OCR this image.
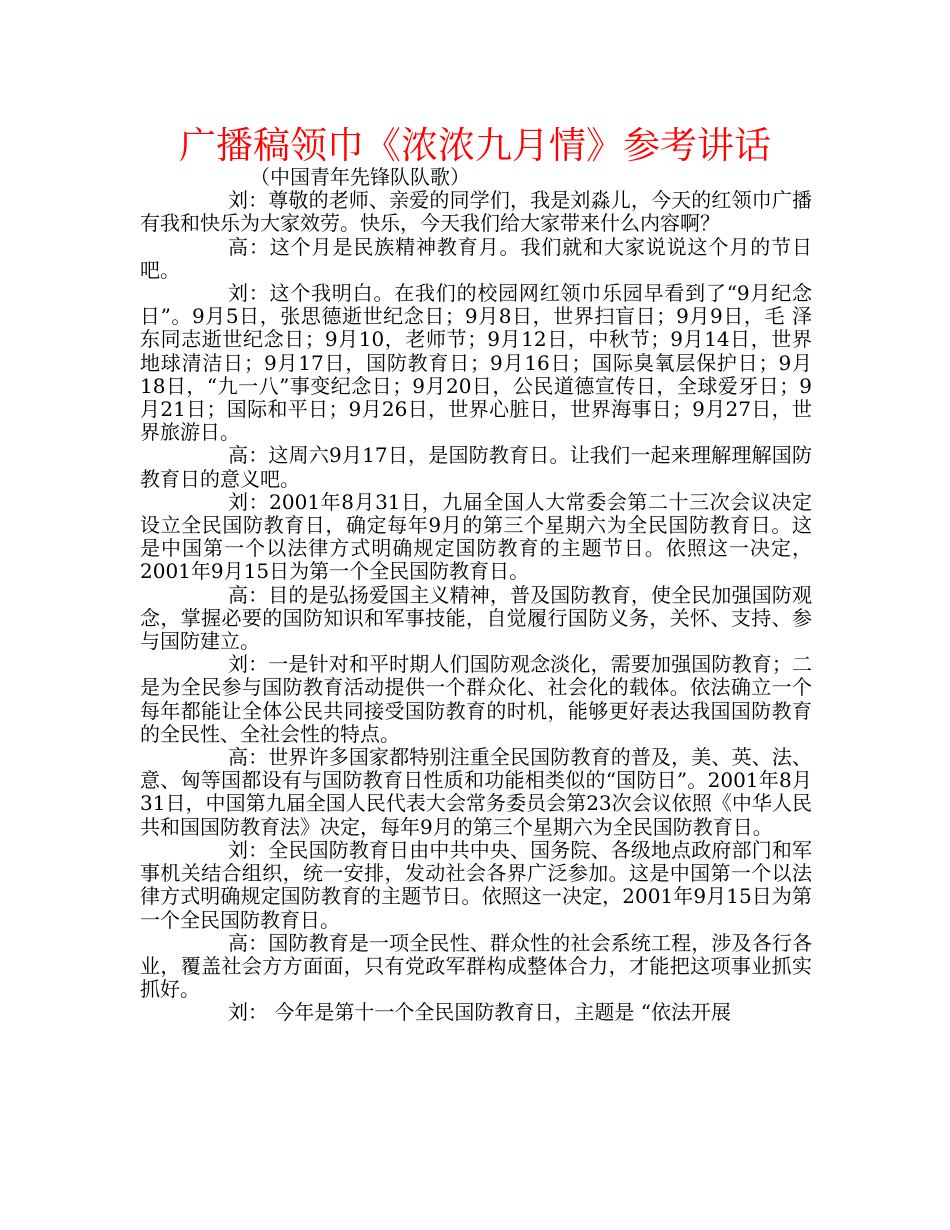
广播稿领巾《浓浓九月情》参考讲话

（中国青年先锋队队歌）

刘：尊敬的老师、亲爱的同学们，我是刘淼儿，今天的红领巾广播有我和快乐为大家效劳。快乐，今天我们给大家带来什么内容啊？

高：这个月是民族精神教育月。我们就和大家说说这个月的节日吧。

刘：这个我明白。在我们的校园网红领巾乐园早看到了“9月纪念日”。9月5日，张思德逝世纪念日；9月8日，世界扫盲日；9月9日，毛 泽 东同志逝世纪念日；9月10，老师节；9月12日，中秋节；9月14日，世界地球清洁日；9月17日，国防教育日；9月16日；国际臭氧层保护日；9月18日，“九一八”事变纪念日；9月20日，公民道德宣传日，全球爱牙日；9月21日；国际和平日；9月26日，世界心脏日，世界海事日；9月27日，世界旅游日。

高：这周六9月17日，是国防教育日。让我们一起来理解理解国防教育日的意义吧。

刘：2001年8月31日，九届全国人大常委会第二十三次会议决定设立全民国防教育日，确定每年9月的第三个星期六为全民国防教育日。这是中国第一个以法律方式明确规定国防教育的主题节日。依照这一决定，2001年9月15日为第一个全民国防教育日。

高：目的是弘扬爱国主义精神，普及国防教育，使全民加强国防观念，掌握必要的国防知识和军事技能，自觉履行国防义务，关怀、支持、参与国防建立。

刘：一是针对和平时期人们国防观念淡化，需要加强国防教育；二是为全民参与国防教育活动提供一个群众化、社会化的载体。依法确立一个每年都能让全体公民共同接受国防教育的时机，能够更好表达我国国防教育的全民性、全社会性的特点。

高：世界许多国家都特别注重全民国防教育的普及，美、英、法、意、匈等国都设有与国防教育日性质和功能相类似的“国防日”。2001年8月31日，中国第九届全国人民代表大会常务委员会第23次会议依照《中华人民共和国国防教育法》决定，每年9月的第三个星期六为全民国防教育日。

刘：全民国防教育日由中共中央、国务院、各级地点政府部门和军事机关结合组织，统一安排，发动社会各界广泛参加。这是中国第一个以法律方式明确规定国防教育的主题节日。依照这一决定，2001年9月15日为第一个全民国防教育日。

高：国防教育是一项全民性、群众性的社会系统工程，涉及各行各业，覆盖社会方方面面，只有党政军群构成整体合力，才能把这项事业抓实抓好。

刘： 今年是第十一个全民国防教育日，主题是 “依法开展
